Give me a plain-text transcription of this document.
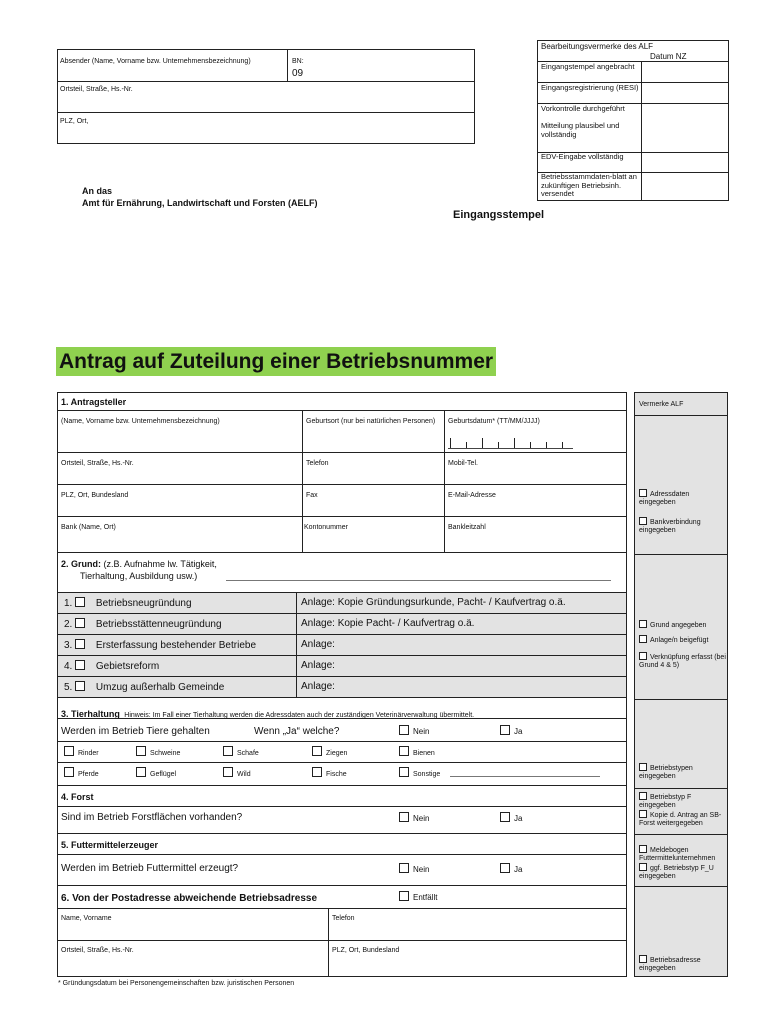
Absender (Name, Vorname bzw. Unternehmensbezeichnung)	BN:
09
Ortsteil, Straße, Hs.-Nr.
PLZ, Ort,
An das
Amt für Ernährung, Landwirtschaft und Forsten (AELF)
Bearbeitungsvermerke des ALF
Datum NZ
Eingangstempel angebracht
Eingangsregistrierung (RESI)
Vorkontrolle durchgeführt

Mitteilung plausibel und vollständig
EDV-Eingabe vollständig
Betriebsstammdaten-blatt an zukünftigen Betriebsinh. versendet
Eingangsstempel
Antrag auf Zuteilung einer Betriebsnummer
Vermerke ALF
Adressdaten eingegeben
Bankverbindung eingegeben
Grund angegeben
Anlage/n beigefügt
Verknüpfung erfasst (bei Grund 4 & 5)
Betriebstypen eingegeben
Betriebstyp F eingegeben
Kopie d. Antrag an SB-Forst weitergegeben
Meldebogen Futtermittelunternehmen
ggf. Betriebstyp F_U eingegeben
Betriebsadresse eingegeben
1. Antragsteller
(Name, Vorname bzw. Unternehmensbezeichnung)	Geburtsort (nur bei natürlichen Personen) Geburtsdatum* (TT/MM/JJJJ)
Ortsteil, Straße, Hs.-Nr.	Telefon	Mobil-Tel.
PLZ, Ort, Bundesland	Fax	E-Mail-Adresse
Bank (Name, Ort)	Kontonummer	Bankleitzahl
2. Grund: (z.B. Aufnahme lw. Tätigkeit,
Tierhaltung, Ausbildung usw.)
1. Betriebsneugründung	Anlage: Kopie Gründungsurkunde, Pacht- / Kaufvertrag o.ä.
2. Betriebsstättenneugründung	Anlage: Kopie Pacht- / Kaufvertrag o.ä.
3. Ersterfassung bestehender Betriebe	Anlage:
4. Gebietsreform	Anlage:
5. Umzug außerhalb Gemeinde	Anlage:
3. Tierhaltung Hinweis: Im Fall einer Tierhaltung werden die Adressdaten auch der zuständigen Veterinärverwaltung übermittelt.
Werden im Betrieb Tiere gehalten	Wenn „Ja“ welche?	Nein	Ja
Rinder	Schweine	Schafe	Ziegen	Bienen
Pferde	Geflügel	Wild	Fische	Sonstige
4. Forst
Sind im Betrieb Forstflächen vorhanden?	Nein	Ja
5. Futtermittelerzeuger
Werden im Betrieb Futtermittel erzeugt?	Nein	Ja
6. Von der Postadresse abweichende Betriebsadresse	Entfällt
Name, Vorname	Telefon
Ortsteil, Straße, Hs.-Nr.	PLZ, Ort, Bundesland
* Gründungsdatum bei Personengemeinschaften bzw. juristischen Personen
